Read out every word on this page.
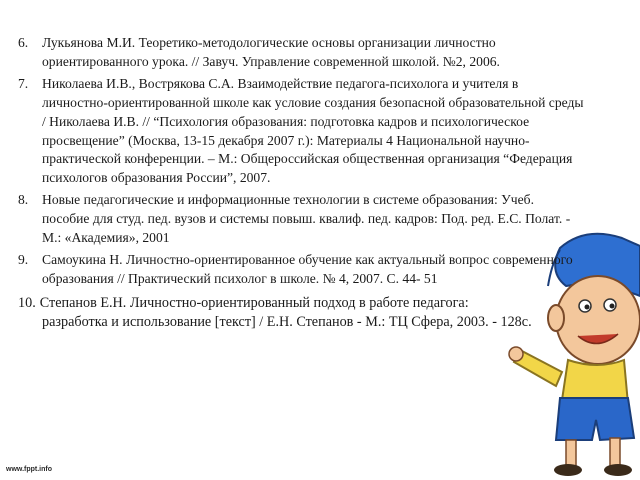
6. Лукьянова М.И. Теоретико-методологические основы организации личностно ориентированного урока. // Завуч. Управление современной школой. №2, 2006.
7. Николаева И.В., Вострякова С.А. Взаимодействие педагога-психолога и учителя в личностно-ориентированной школе как условие создания безопасной образовательной среды / Николаева И.В. // “Психология образования: подготовка кадров и психологическое просвещение” (Москва, 13-15 декабря 2007 г.): Материалы 4 Национальной научно-практической конференции. – М.: Общероссийская общественная организация “Федерация психологов образования России”, 2007.
8. Новые педагогические и информационные технологии в системе образования: Учеб. пособие для студ. пед. вузов и системы повыш. квалиф. пед. кадров: Под. ред. Е.С. Полат. - М.: «Академия», 2001
9. Самоукина Н. Личностно-ориентированное обучение как актуальный вопрос современного образования // Практический психолог в школе. № 4, 2007. С. 44- 51
10. Степанов Е.Н. Личностно-ориентированный подход в работе педагога:
разработка и использование [текст] / Е.Н. Степанов - М.: ТЦ Сфера, 2003. - 128с.
www.fppt.info
